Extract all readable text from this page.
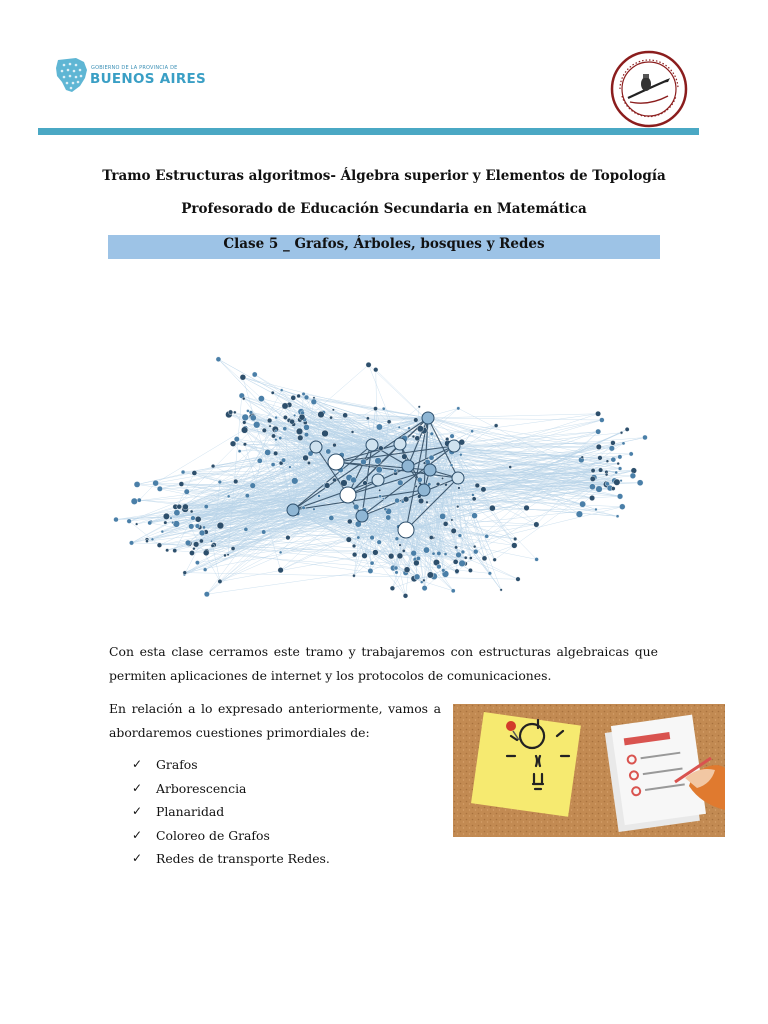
GOBIERNO DE LA PROVINCIA DE
BUENOS AIRES
Tramo Estructuras algoritmos- Álgebra superior y Elementos de Topología
Profesorado de Educación Secundaria en Matemática
Clase 5 _ Grafos, Árboles, bosques y Redes
Con esta clase cerramos este tramo y trabajaremos con estructuras algebraicas que
permiten aplicaciones de internet y los protocolos de comunicaciones.
En relación a lo expresado anteriormente, vamos a
abordaremos cuestiones primordiales de:
✓	Grafos
✓	Arborescencia
✓	Planaridad
✓	Coloreo de Grafos
✓	Redes de transporte Redes.
